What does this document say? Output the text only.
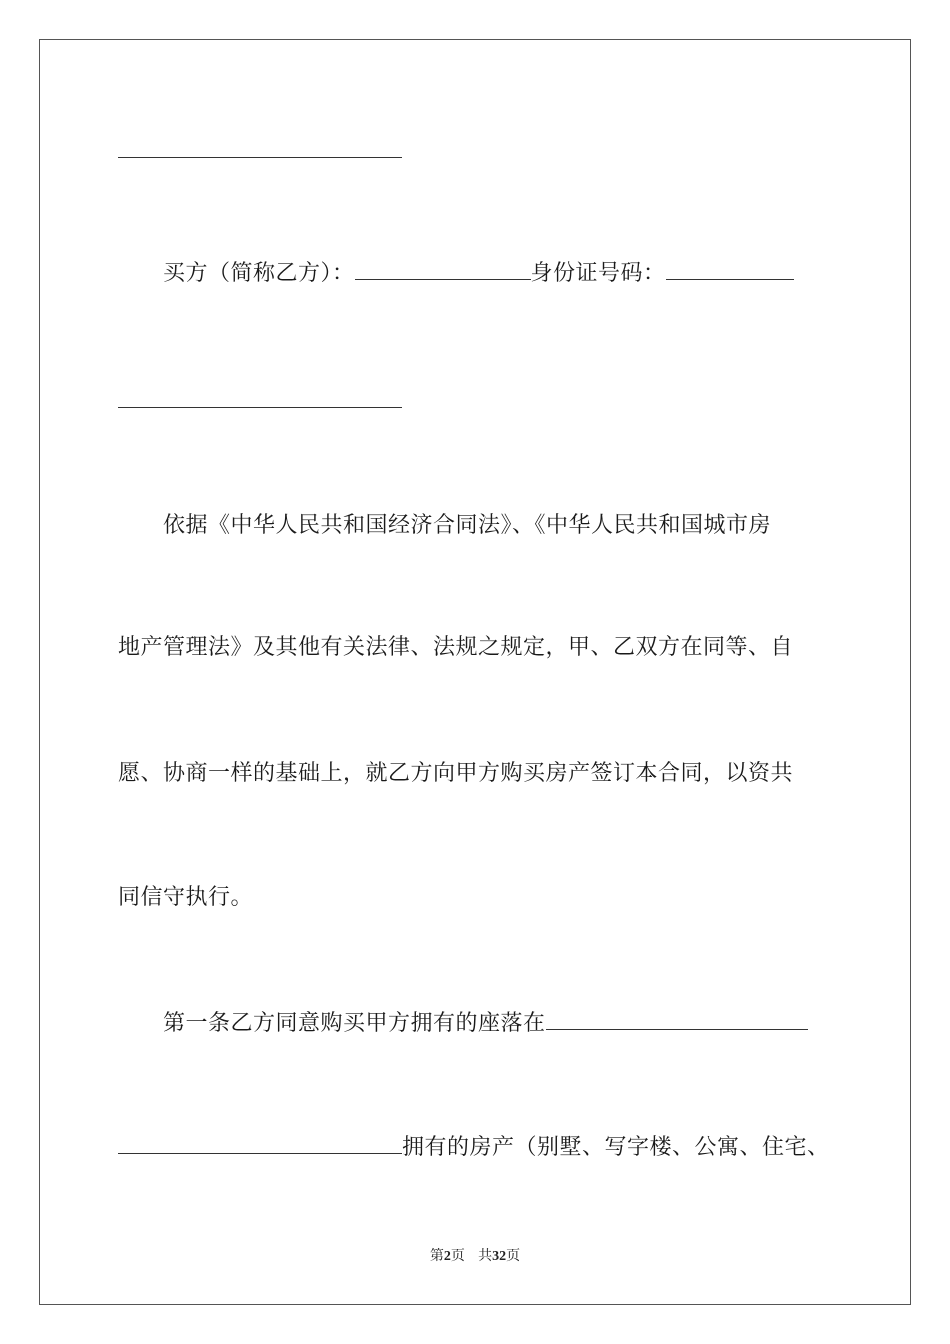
买方（简称乙方）：	身份证号码：
依据《中华人民共和国经济合同法》、《中华人民共和国城市房
地产管理法》及其他有关法律、法规之规定，甲、乙双方在同等、自
愿、协商一样的基础上，就乙方向甲方购买房产签订本合同，以资共
同信守执行。
第一条乙方同意购买甲方拥有的座落在
拥有的房产（别墅、写字楼、公寓、住宅、
第2页 共32页
